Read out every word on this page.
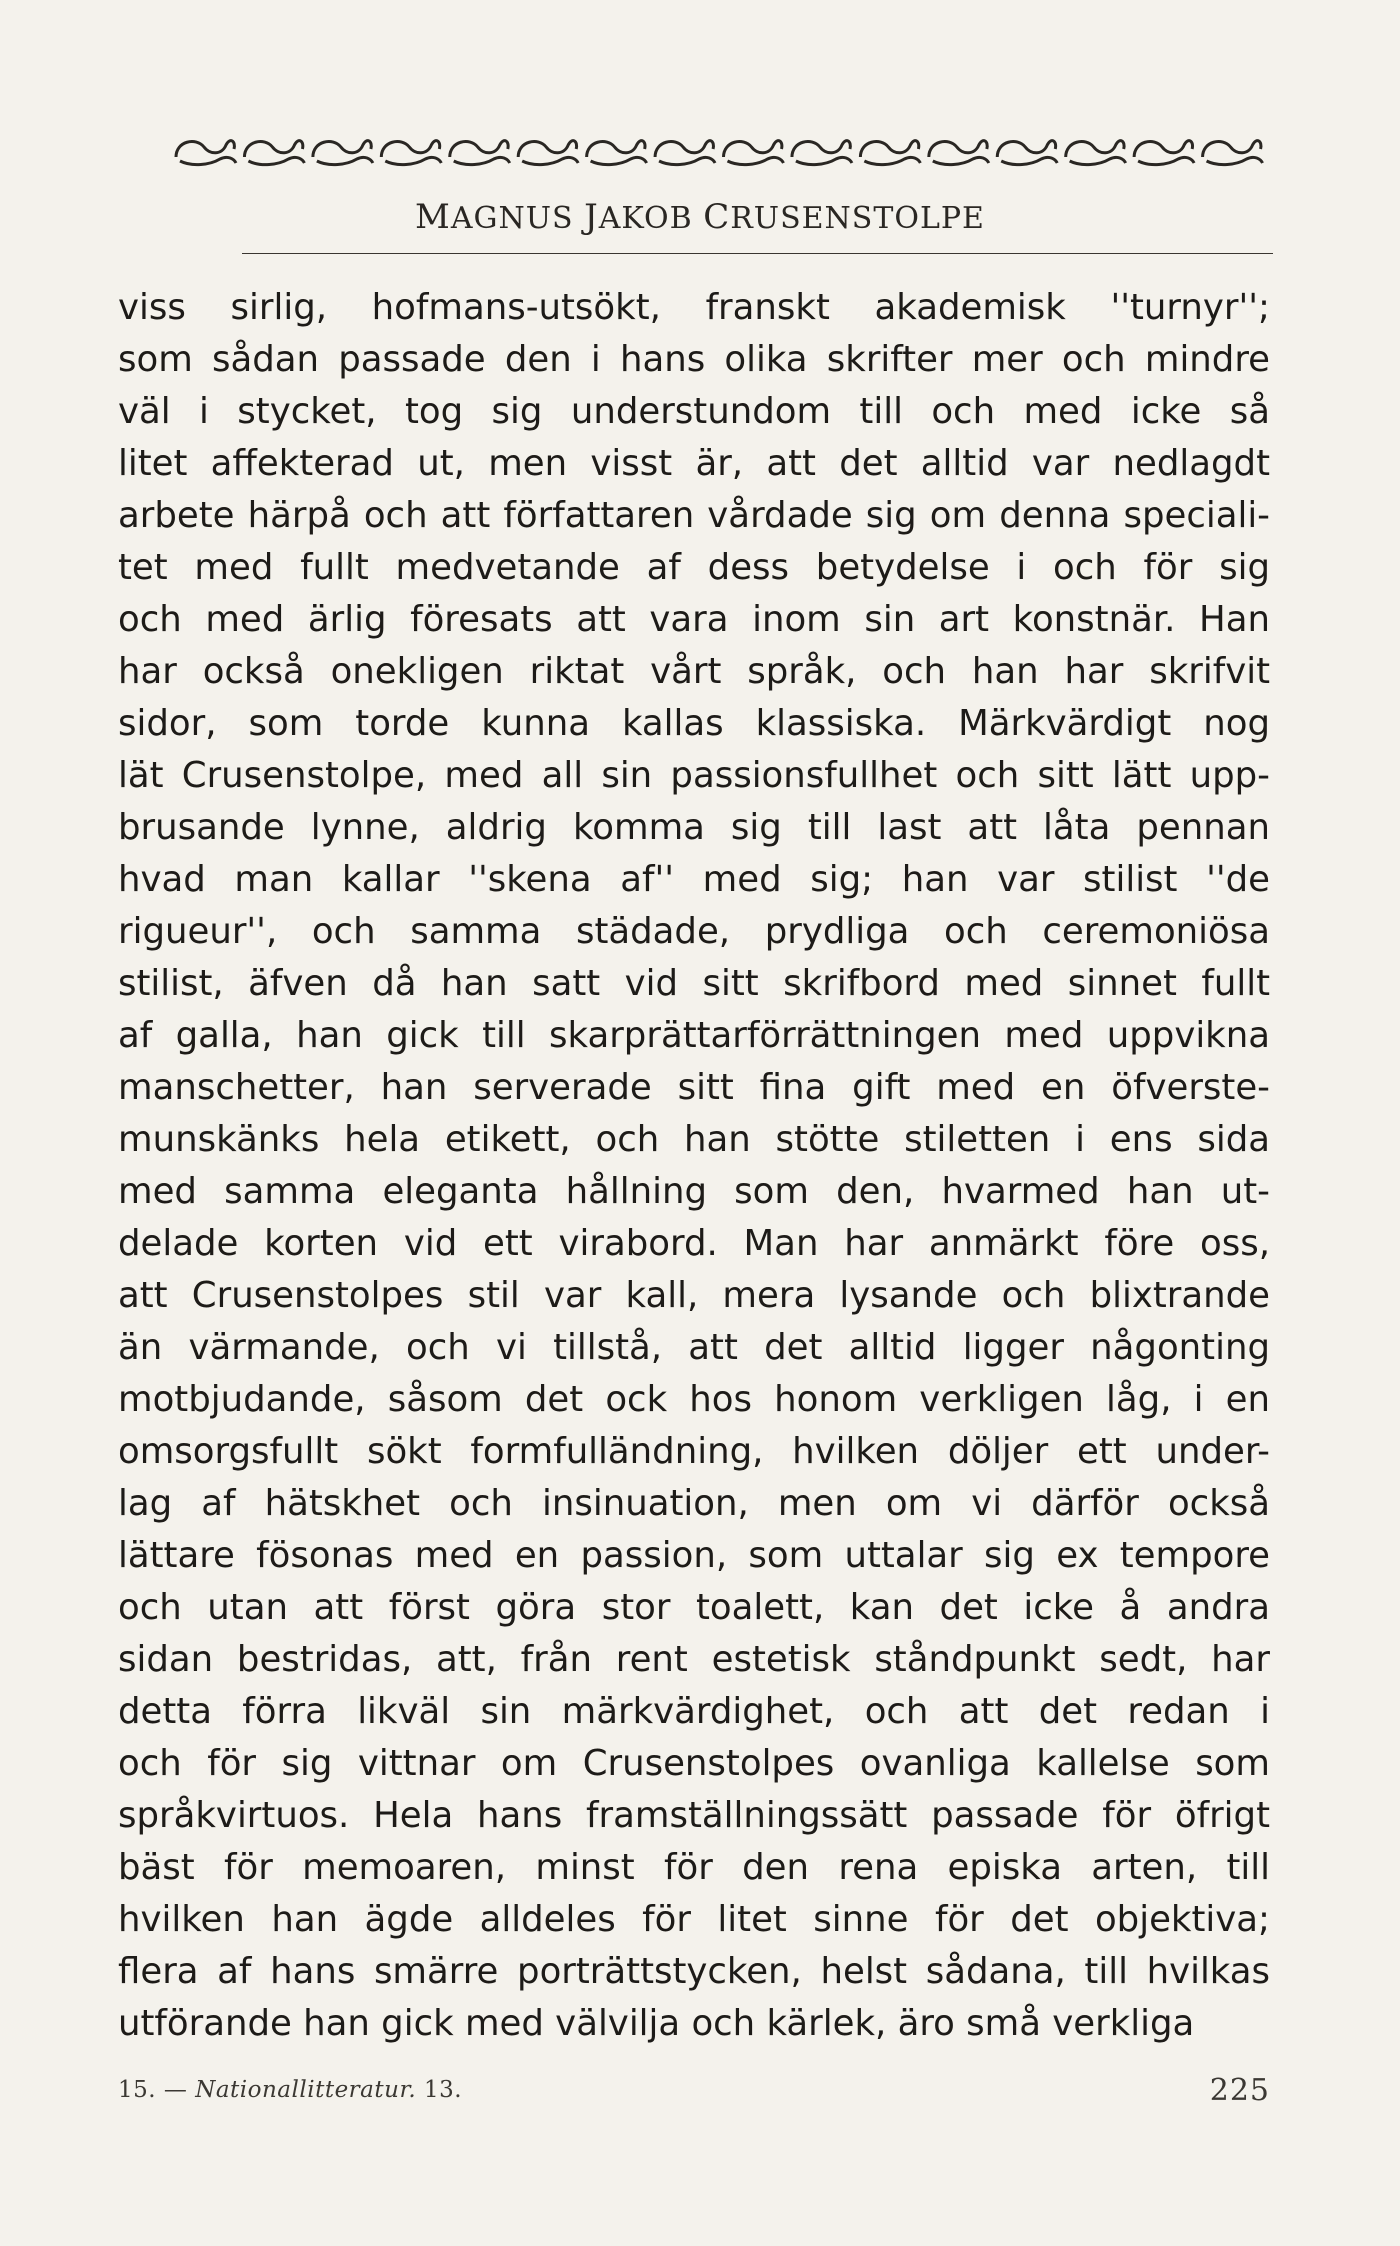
MAGNUS JAKOB CRUSENSTOLPE
viss sirlig, hofmans-utsökt, franskt akademisk ''turnyr'';
som sådan passade den i hans olika skrifter mer och mindre
väl i stycket, tog sig understundom till och med icke så
litet affekterad ut, men visst är, att det alltid var nedlagdt
arbete härpå och att författaren vårdade sig om denna speciali-
tet med fullt medvetande af dess betydelse i och för sig
och med ärlig föresats att vara inom sin art konstnär. Han
har också onekligen riktat vårt språk, och han har skrifvit
sidor, som torde kunna kallas klassiska. Märkvärdigt nog
lät Crusenstolpe, med all sin passionsfullhet och sitt lätt upp-
brusande lynne, aldrig komma sig till last att låta pennan
hvad man kallar ''skena af'' med sig; han var stilist ''de
rigueur'', och samma städade, prydliga och ceremoniösa
stilist, äfven då han satt vid sitt skrifbord med sinnet fullt
af galla, han gick till skarprättarförrättningen med uppvikna
manschetter, han serverade sitt fina gift med en öfverste-
munskänks hela etikett, och han stötte stiletten i ens sida
med samma eleganta hållning som den, hvarmed han ut-
delade korten vid ett virabord. Man har anmärkt före oss,
att Crusenstolpes stil var kall, mera lysande och blixtrande
än värmande, och vi tillstå, att det alltid ligger någonting
motbjudande, såsom det ock hos honom verkligen låg, i en
omsorgsfullt sökt formfulländning, hvilken döljer ett under-
lag af hätskhet och insinuation, men om vi därför också
lättare fösonas med en passion, som uttalar sig ex tempore
och utan att först göra stor toalett, kan det icke å andra
sidan bestridas, att, från rent estetisk ståndpunkt sedt, har
detta förra likväl sin märkvärdighet, och att det redan i
och för sig vittnar om Crusenstolpes ovanliga kallelse som
språkvirtuos. Hela hans framställningssätt passade för öfrigt
bäst för memoaren, minst för den rena episka arten, till
hvilken han ägde alldeles för litet sinne för det objektiva;
flera af hans smärre porträttstycken, helst sådana, till hvilkas
utförande han gick med välvilja och kärlek, äro små verkliga
15. — Nationallitteratur. 13.	225
